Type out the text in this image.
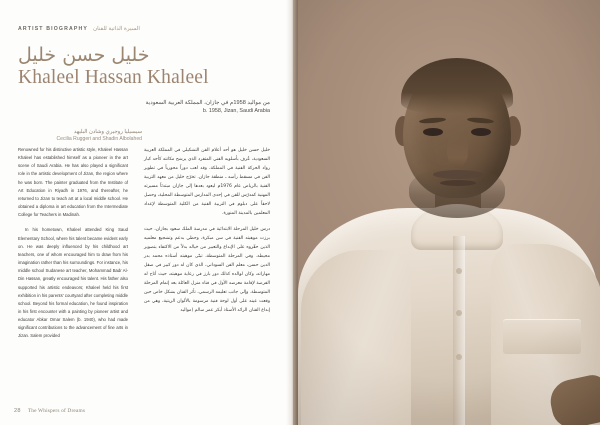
ARTIST BIOGRAPHY السيرة الذاتية للفنان
خليل حسن خليل
Khaleel Hassan Khaleel
من مواليد 1958م في جازان، المملكة العربية السعودية
b. 1958, Jizan, Saudi Arabia
سيسيليا روجيري وشادن البليهد
Cecilia Ruggeri and Shadin Albolahed

Renowned for his distinctive artistic style, Khaleel Hassan Khaleel has established himself as a pioneer in the art scene of Saudi Arabia. He has also played a significant role in the artistic development of Jizan, the region where he was born. The painter graduated from the Institute of Art Education in Riyadh in 1976, and thereafter, he returned to Jizan to teach art at a local middle school. He obtained a diploma in art education from the Intermediate College for Teachers in Madinah.

In his hometown, Khaleel attended King Saud Elementary School, where his talent became evident early on. He was deeply influenced by his childhood art teachers, one of whom encouraged him to draw from his imagination rather than his surroundings. For instance, his middle school Sudanese art teacher, Mohammad Badr Al-Din Hassan, greatly encouraged his talent. His father also supported his artistic endeavors; Khaleel held his first exhibition in his parents' courtyard after completing middle school. Beyond his formal education, he found inspiration in his first encounter with a painting by pioneer artist and educator Abkar Omar Salem (b. 1940), who had made significant contributions to the advancement of fine arts in Jizan. Salem provided

خليل حسن خليل هو أحد أعلام الفن التشكيلي في المملكة العربية السعودية، عُرف بأسلوبه الفني المتفرد الذي يرشح مكانته كأحد كبار رواد الحركة الفنية في المملكة، وقد لعب دوراً محورياً في تطوير الفن في مسقط رأسه ـ منطقة جازان. تخرّج خليل من معهد التربية الفنية بالرياض عام 1976م ليعود بعدها إلى جازان مبتدئاً مسيرته المهنية كمدرّس للفن في إحدى المدارس المتوسطة المحلية، وحصل لاحقاً على دبلوم في التربية الفنية من الكلية المتوسطة لإعداد المعلمين بالمدينة المنورة.

درس خليل المرحلة الابتدائية في مدرسة الملك سعود بجازان، حيث برزت موهبته الفنية في سن مبكرة، وحظي بدعم وتشجيع معلميه الذين حفّزوه على الإبداع والتعبير من خياله بدلاً من الاكتفاء بتصوير محيطه. وفي المرحلة المتوسطة، تبنّى موهبته أستاذه محمد بدر الدين حسن، معلم الفن السوداني، الذي كان له دور كبير في صقل مهاراته، وكان لوالده كذلك دور بارز في رعاية موهبته، حيث أتاح له الفرصة لإقامة معرضه الأول في فناء منزل العائلة بعد إتمام المرحلة المتوسطة. وإلى جانب تعليمه الرسمي، تأثر الفنان بشكل خاص حين وقعت عينه على أول لوحة فنية مرسومة بالألوان الزيتية، وهي من إبداع الفنان الرائد الأستاذ أبكر عمر سالم (مواليد

28 The Whispers of Dreams
